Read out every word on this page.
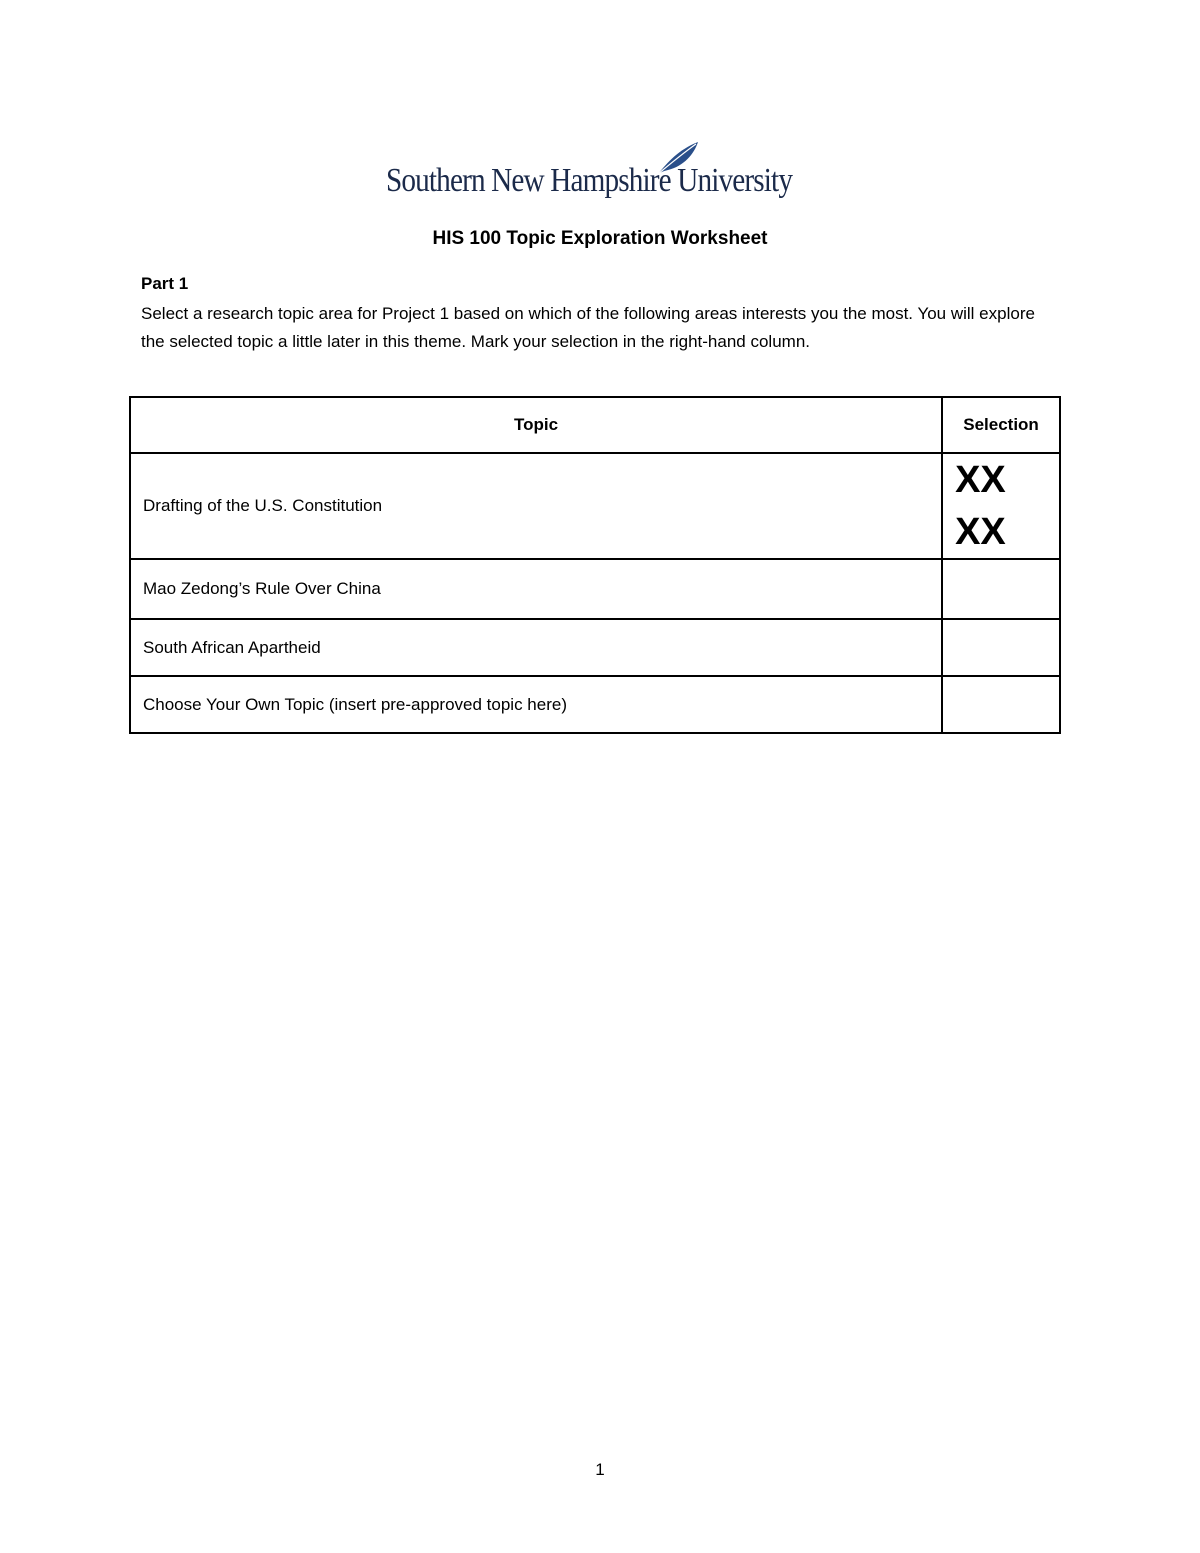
Southern New Hampshire University
HIS 100 Topic Exploration Worksheet
Part 1
Select a research topic area for Project 1 based on which of the following areas interests you the most. You will explore the selected topic a little later in this theme. Mark your selection in the right-hand column.
Topic	Selection
Drafting of the U.S. Constitution	XXXX

Mao Zedong’s Rule Over China	
South African Apartheid	
Choose Your Own Topic (insert pre-approved topic here)	
1
